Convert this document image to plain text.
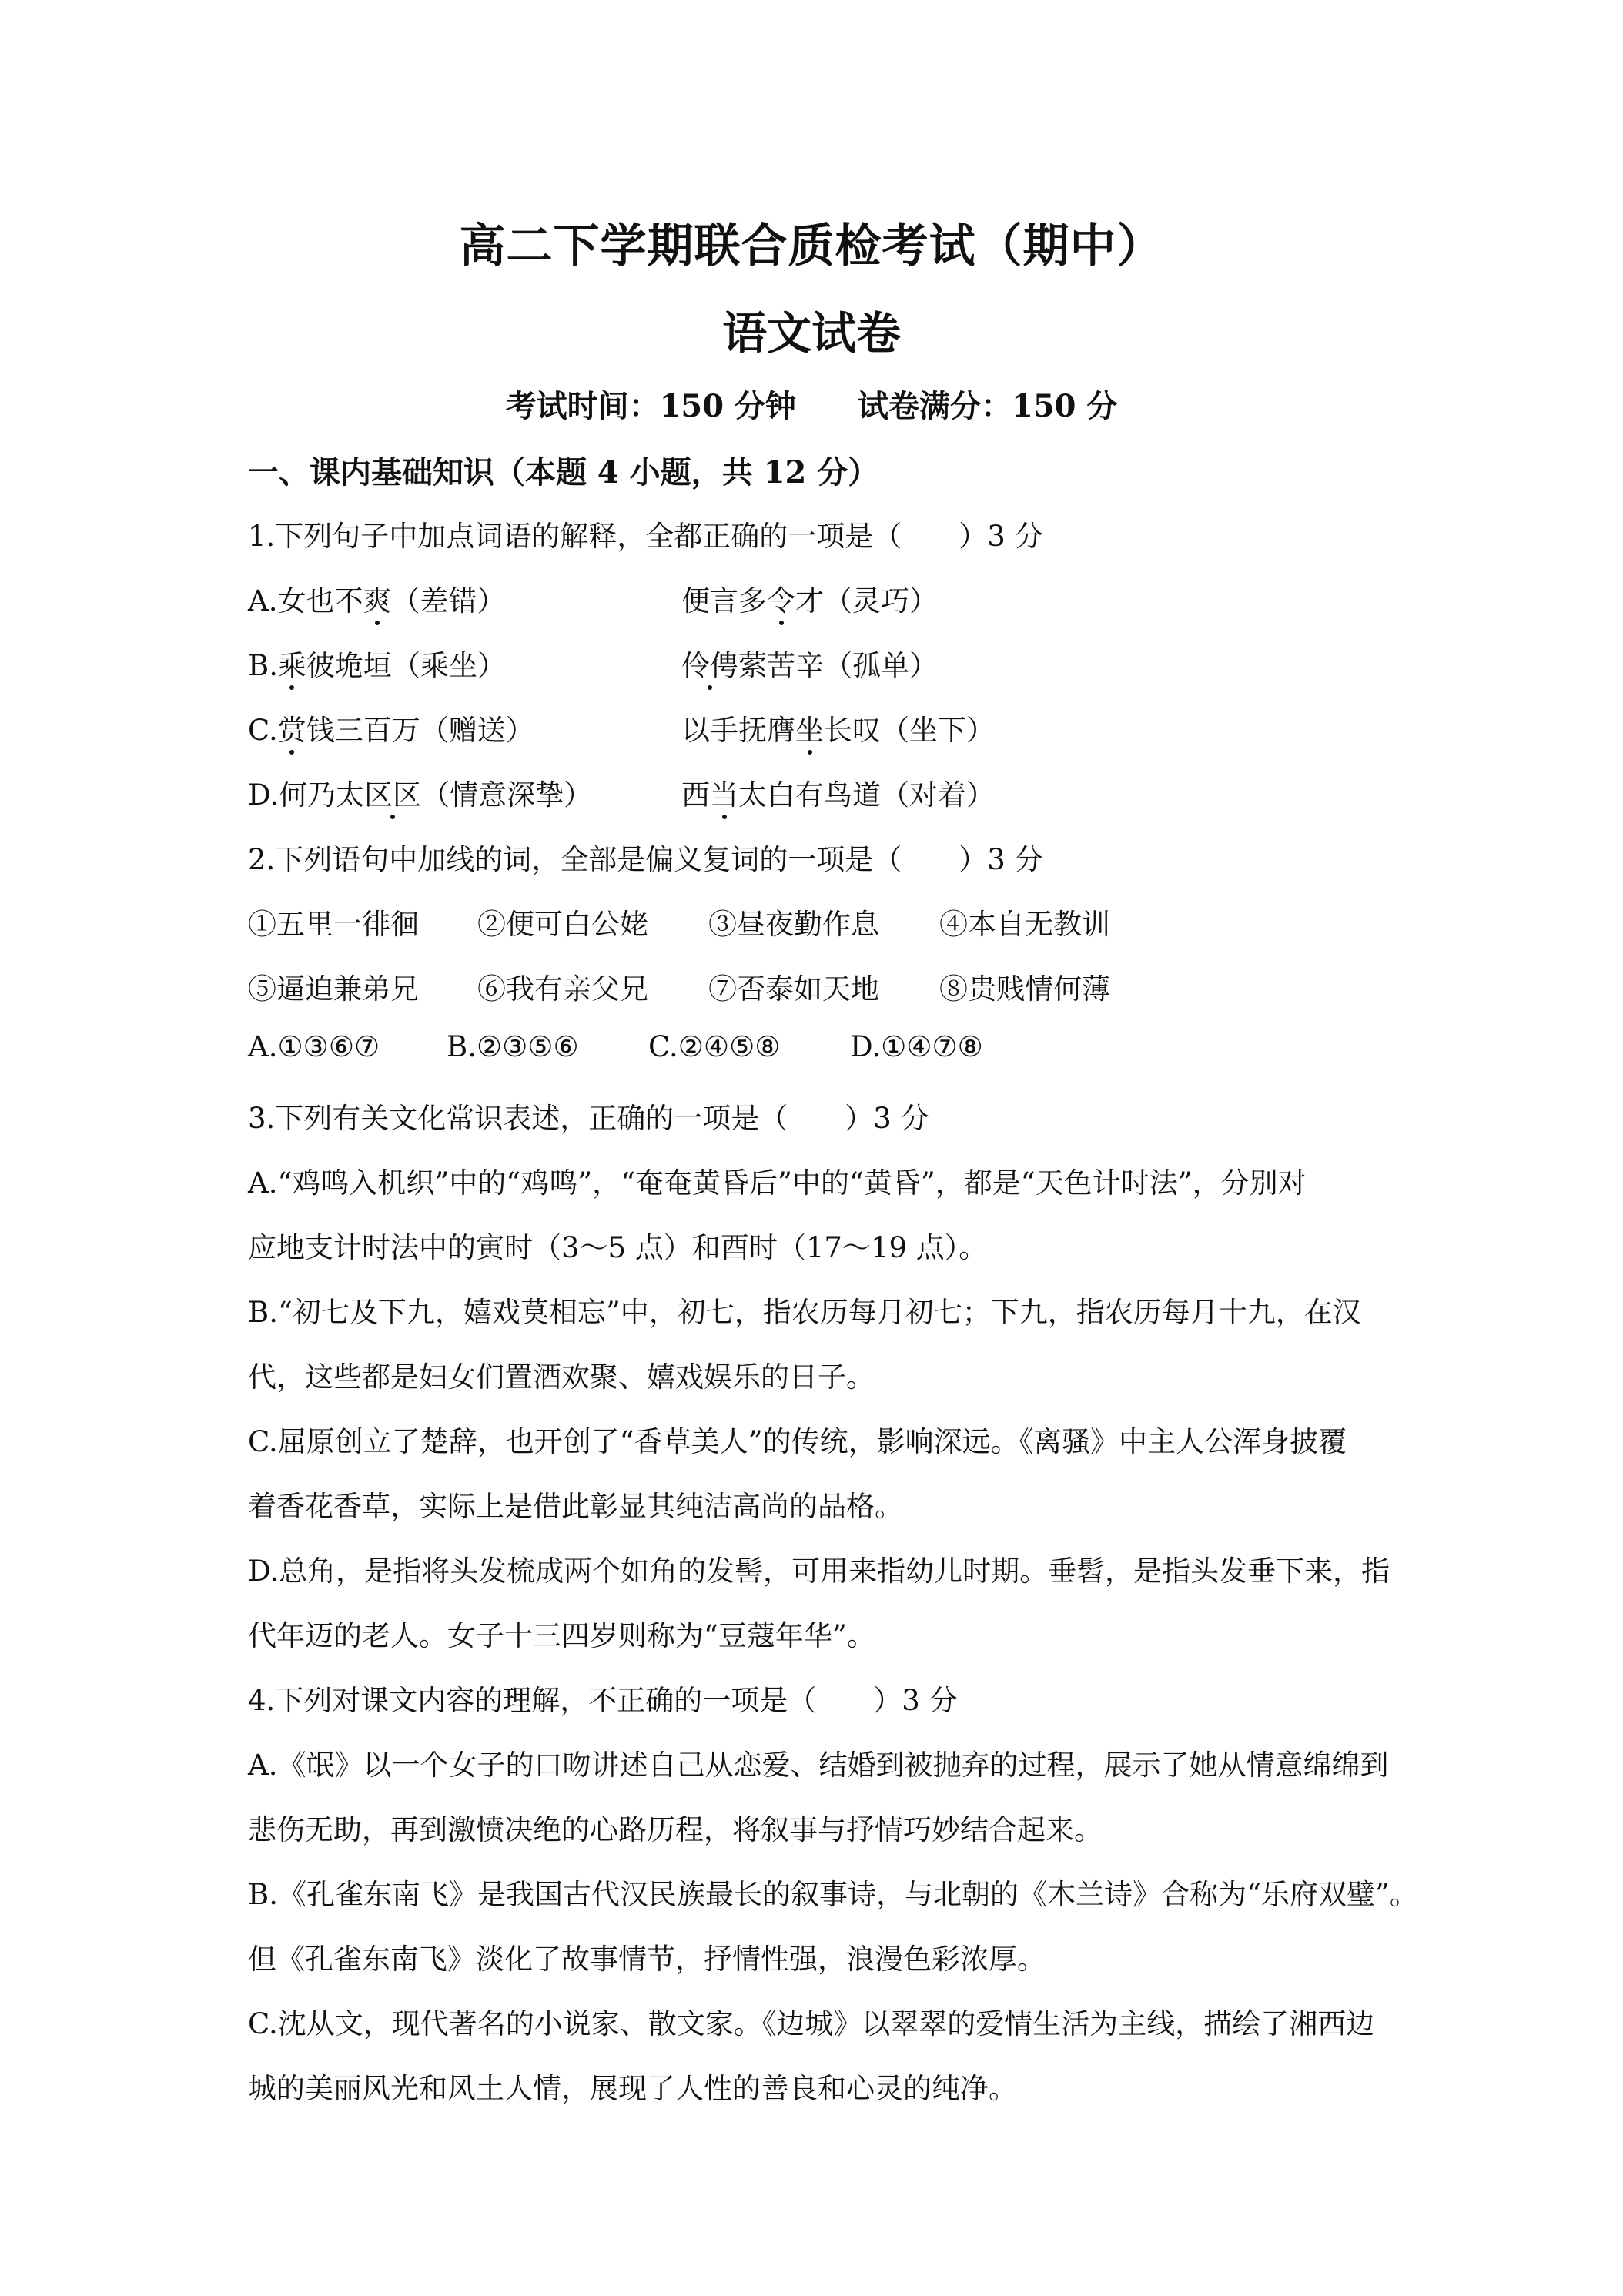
高二下学期联合质检考试（期中）
语文试卷
考试时间：150 分钟 试卷满分：150 分
一、课内基础知识（本题 4 小题，共 12 分）
1.下列句子中加点词语的解释，全都正确的一项是（　　）3 分
A.女也不爽（差错）	便言多令才（灵巧）
B.乘彼垝垣（乘坐）	伶俜萦苦辛（孤单）
C.赏钱三百万（赠送）	以手抚膺坐长叹（坐下）
D.何乃太区区（情意深挚）	西当太白有鸟道（对着）
2.下列语句中加线的词，全部是偏义复词的一项是（　　）3 分
①五里一徘徊 ②便可白公姥 ③昼夜勤作息 ④本自无教训
⑤逼迫兼弟兄 ⑥我有亲父兄 ⑦否泰如天地 ⑧贵贱情何薄
A.①③⑥⑦ B.②③⑤⑥ C.②④⑤⑧ D.①④⑦⑧
3.下列有关文化常识表述，正确的一项是（　　）3 分
A.“鸡鸣入机织”中的“鸡鸣”，“奄奄黄昏后”中的“黄昏”，都是“天色计时法”，分别对
应地支计时法中的寅时（3～5 点）和酉时（17～19 点）。
B.“初七及下九，嬉戏莫相忘”中，初七，指农历每月初七；下九，指农历每月十九，在汉
代，这些都是妇女们置酒欢聚、嬉戏娱乐的日子。
C.屈原创立了楚辞，也开创了“香草美人”的传统，影响深远。《离骚》中主人公浑身披覆
着香花香草，实际上是借此彰显其纯洁高尚的品格。
D.总角，是指将头发梳成两个如角的发髻，可用来指幼儿时期。垂髫，是指头发垂下来，指
代年迈的老人。女子十三四岁则称为“豆蔻年华”。
4.下列对课文内容的理解，不正确的一项是（　　）3 分
A.《氓》以一个女子的口吻讲述自己从恋爱、结婚到被抛弃的过程，展示了她从情意绵绵到
悲伤无助，再到激愤决绝的心路历程，将叙事与抒情巧妙结合起来。
B.《孔雀东南飞》是我国古代汉民族最长的叙事诗，与北朝的《木兰诗》合称为“乐府双璧”。
但《孔雀东南飞》淡化了故事情节，抒情性强，浪漫色彩浓厚。
C.沈从文，现代著名的小说家、散文家。《边城》以翠翠的爱情生活为主线，描绘了湘西边
城的美丽风光和风土人情，展现了人性的善良和心灵的纯净。
